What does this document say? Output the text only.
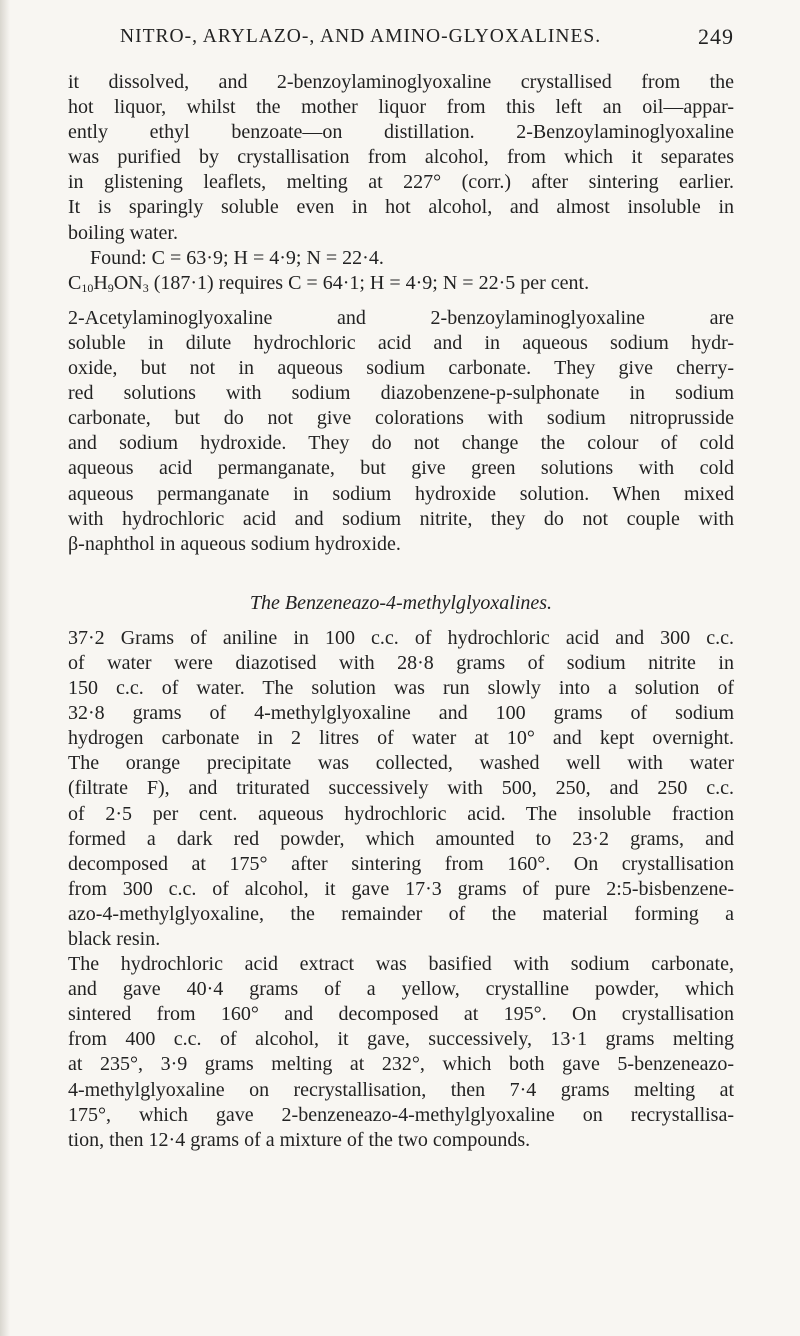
NITRO-, ARYLAZO-, AND AMINO-GLYOXALINES.	249

it dissolved, and 2-benzoylaminoglyoxaline crystallised from the
hot liquor, whilst the mother liquor from this left an oil—appar-
ently ethyl benzoate—on distillation. 2-Benzoylaminoglyoxaline
was purified by crystallisation from alcohol, from which it separates
in glistening leaflets, melting at 227° (corr.) after sintering earlier.
It is sparingly soluble even in hot alcohol, and almost insoluble in
boiling water.

Found: C = 63·9; H = 4·9; N = 22·4.
$C_{10}H_9ON_3$ (187·1) requires C = 64·1; H = 4·9; N = 22·5 per cent.

2-Acetylaminoglyoxaline and 2-benzoylaminoglyoxaline are
soluble in dilute hydrochloric acid and in aqueous sodium hydr-
oxide, but not in aqueous sodium carbonate. They give cherry-
red solutions with sodium diazobenzene-p-sulphonate in sodium
carbonate, but do not give colorations with sodium nitroprusside
and sodium hydroxide. They do not change the colour of cold
aqueous acid permanganate, but give green solutions with cold
aqueous permanganate in sodium hydroxide solution. When mixed
with hydrochloric acid and sodium nitrite, they do not couple with
β-naphthol in aqueous sodium hydroxide.

The Benzeneazo-4-methylglyoxalines.

37·2 Grams of aniline in 100 c.c. of hydrochloric acid and 300 c.c.
of water were diazotised with 28·8 grams of sodium nitrite in
150 c.c. of water. The solution was run slowly into a solution of
32·8 grams of 4-methylglyoxaline and 100 grams of sodium
hydrogen carbonate in 2 litres of water at 10° and kept overnight.
The orange precipitate was collected, washed well with water
(filtrate F), and triturated successively with 500, 250, and 250 c.c.
of 2·5 per cent. aqueous hydrochloric acid. The insoluble fraction
formed a dark red powder, which amounted to 23·2 grams, and
decomposed at 175° after sintering from 160°. On crystallisation
from 300 c.c. of alcohol, it gave 17·3 grams of pure 2:5-bisbenzene-
azo-4-methylglyoxaline, the remainder of the material forming a
black resin.

The hydrochloric acid extract was basified with sodium carbonate,
and gave 40·4 grams of a yellow, crystalline powder, which
sintered from 160° and decomposed at 195°. On crystallisation
from 400 c.c. of alcohol, it gave, successively, 13·1 grams melting
at 235°, 3·9 grams melting at 232°, which both gave 5-benzeneazo-
4-methylglyoxaline on recrystallisation, then 7·4 grams melting at
175°, which gave 2-benzeneazo-4-methylglyoxaline on recrystallisa-
tion, then 12·4 grams of a mixture of the two compounds.
